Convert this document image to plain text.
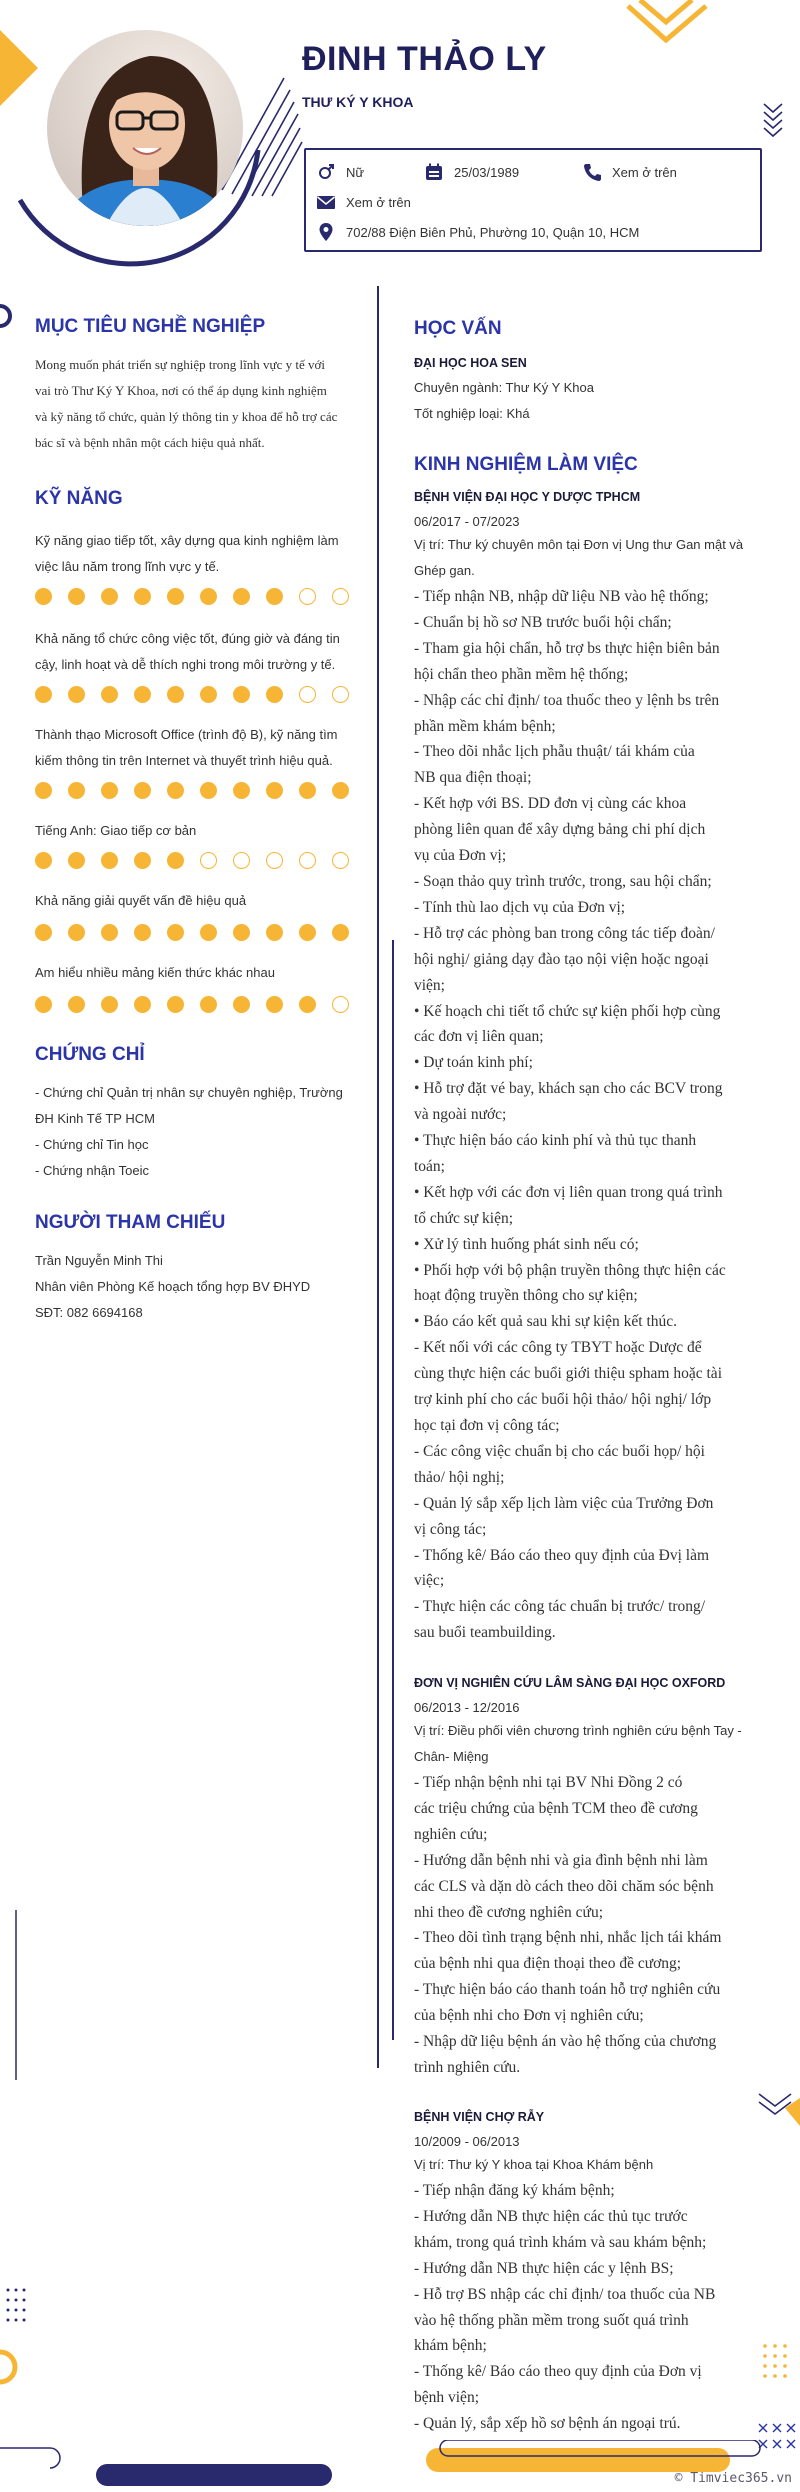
ĐINH THẢO LY
THƯ KÝ Y KHOA
Nữ	25/03/1989	Xem ở trên
Xem ở trên
702/88 Điện Biên Phủ, Phường 10, Quận 10, HCM
MỤC TIÊU NGHỀ NGHIỆP
Mong muốn phát triển sự nghiệp trong lĩnh vực y tế với
vai trò Thư Ký Y Khoa, nơi có thể áp dụng kinh nghiệm
và kỹ năng tổ chức, quản lý thông tin y khoa để hỗ trợ các
bác sĩ và bệnh nhân một cách hiệu quả nhất.
KỸ NĂNG
Kỹ năng giao tiếp tốt, xây dựng qua kinh nghiệm làm
việc lâu năm trong lĩnh vực y tế.
Khả năng tổ chức công việc tốt, đúng giờ và đáng tin
cậy, linh hoạt và dễ thích nghi trong môi trường y tế.
Thành thạo Microsoft Office (trình độ B), kỹ năng tìm
kiếm thông tin trên Internet và thuyết trình hiệu quả.
Tiếng Anh: Giao tiếp cơ bản
Khả năng giải quyết vấn đề hiệu quả
Am hiểu nhiều mảng kiến thức khác nhau
CHỨNG CHỈ
- Chứng chỉ Quản trị nhân sự chuyên nghiệp, Trường
ĐH Kinh Tế TP HCM
- Chứng chỉ Tin học
- Chứng nhận Toeic
NGƯỜI THAM CHIẾU
Trần Nguyễn Minh Thi
Nhân viên Phòng Kế hoạch tổng hợp BV ĐHYD
SĐT: 082 6694168
HỌC VẤN
ĐẠI HỌC HOA SEN
Chuyên ngành: Thư Ký Y Khoa
Tốt nghiệp loại: Khá
KINH NGHIỆM LÀM VIỆC
BỆNH VIỆN ĐẠI HỌC Y DƯỢC TPHCM
06/2017 - 07/2023
Vị trí: Thư ký chuyên môn tại Đơn vị Ung thư Gan mật và
Ghép gan.
- Tiếp nhận NB, nhập dữ liệu NB vào hệ thống;
- Chuẩn bị hồ sơ NB trước buổi hội chẩn;
- Tham gia hội chẩn, hỗ trợ bs thực hiện biên bản
hội chẩn theo phần mềm hệ thống;
- Nhập các chỉ định/ toa thuốc theo y lệnh bs trên
phần mềm khám bệnh;
- Theo dõi nhắc lịch phẫu thuật/ tái khám của
NB qua điện thoại;
- Kết hợp với BS. DD đơn vị cùng các khoa
phòng liên quan để xây dựng bảng chi phí dịch
vụ của Đơn vị;
- Soạn thảo quy trình trước, trong, sau hội chẩn;
- Tính thù lao dịch vụ của Đơn vị;
- Hỗ trợ các phòng ban trong công tác tiếp đoàn/
hội nghị/ giảng dạy đào tạo nội viện hoặc ngoại
viện;
• Kế hoạch chi tiết tổ chức sự kiện phối hợp cùng
các đơn vị liên quan;
• Dự toán kinh phí;
• Hỗ trợ đặt vé bay, khách sạn cho các BCV trong
và ngoài nước;
• Thực hiện báo cáo kinh phí và thủ tục thanh
toán;
• Kết hợp với các đơn vị liên quan trong quá trình
tổ chức sự kiện;
• Xử lý tình huống phát sinh nếu có;
• Phối hợp với bộ phận truyền thông thực hiện các
hoạt động truyền thông cho sự kiện;
• Báo cáo kết quả sau khi sự kiện kết thúc.
- Kết nối với các công ty TBYT hoặc Dược để
cùng thực hiện các buổi giới thiệu spham hoặc tài
trợ kinh phí cho các buổi hội thảo/ hội nghị/ lớp
học tại đơn vị công tác;
- Các công việc chuẩn bị cho các buổi họp/ hội
thảo/ hội nghị;
- Quản lý sắp xếp lịch làm việc của Trưởng Đơn
vị công tác;
- Thống kê/ Báo cáo theo quy định của Đvị làm
việc;
- Thực hiện các công tác chuẩn bị trước/ trong/
sau buổi teambuilding.
ĐƠN VỊ NGHIÊN CỨU LÂM SÀNG ĐẠI HỌC OXFORD
06/2013 - 12/2016
Vị trí: Điều phối viên chương trình nghiên cứu bệnh Tay -
Chân- Miệng
- Tiếp nhận bệnh nhi tại BV Nhi Đồng 2 có
các triệu chứng của bệnh TCM theo đề cương
nghiên cứu;
- Hướng dẫn bệnh nhi và gia đình bệnh nhi làm
các CLS và dặn dò cách theo dõi chăm sóc bệnh
nhi theo đề cương nghiên cứu;
- Theo dõi tình trạng bệnh nhi, nhắc lịch tái khám
của bệnh nhi qua điện thoại theo đề cương;
- Thực hiện báo cáo thanh toán hỗ trợ nghiên cứu
của bệnh nhi cho Đơn vị nghiên cứu;
- Nhập dữ liệu bệnh án vào hệ thống của chương
trình nghiên cứu.
BỆNH VIỆN CHỢ RẪY
10/2009 - 06/2013
Vị trí: Thư ký Y khoa tại Khoa Khám bệnh
- Tiếp nhận đăng ký khám bệnh;
- Hướng dẫn NB thực hiện các thủ tục trước
khám, trong quá trình khám và sau khám bệnh;
- Hướng dẫn NB thực hiện các y lệnh BS;
- Hỗ trợ BS nhập các chỉ định/ toa thuốc của NB
vào hệ thống phần mềm trong suốt quá trình
khám bệnh;
- Thống kê/ Báo cáo theo quy định của Đơn vị
bệnh viện;
- Quản lý, sắp xếp hồ sơ bệnh án ngoại trú.
© Timviec365.vn
